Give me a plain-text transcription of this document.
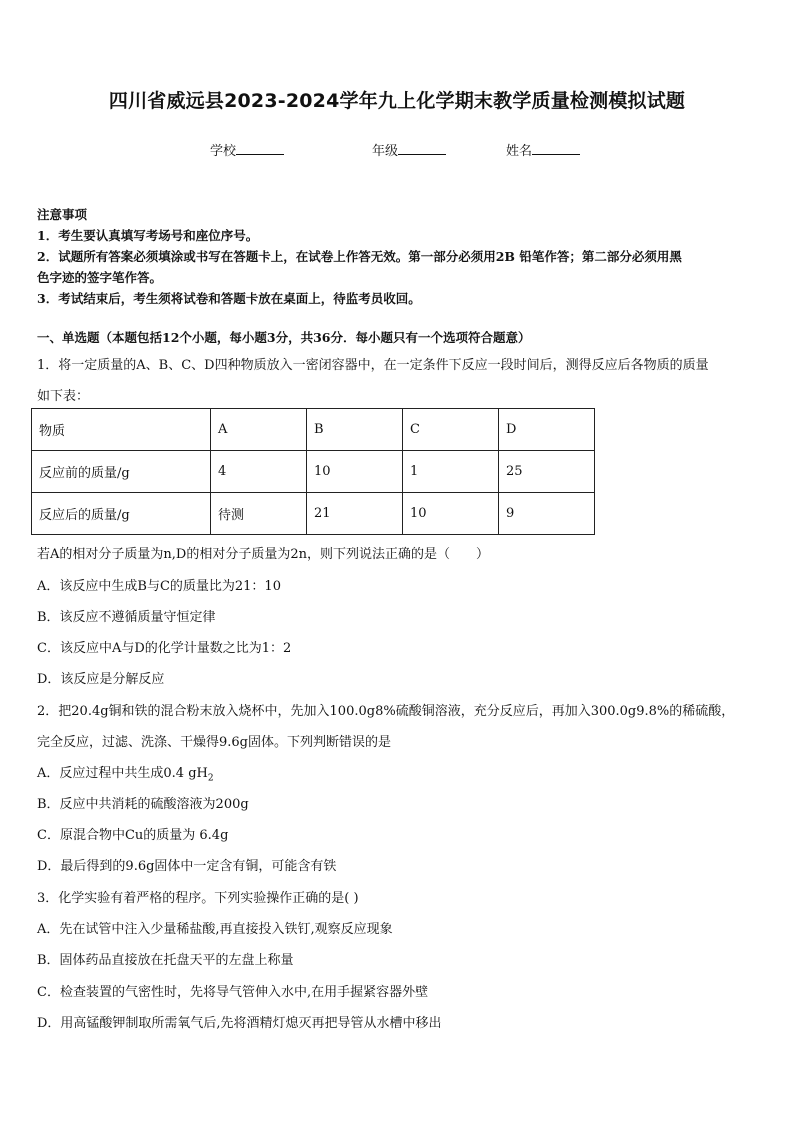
四川省威远县2023-2024学年九上化学期末教学质量检测模拟试题
学校	年级	姓名
注意事项
1．考生要认真填写考场号和座位序号。
2．试题所有答案必须填涂或书写在答题卡上，在试卷上作答无效。第一部分必须用2B 铅笔作答；第二部分必须用黑
色字迹的签字笔作答。
3．考试结束后，考生须将试卷和答题卡放在桌面上，待监考员收回。
一、单选题（本题包括12个小题，每小题3分，共36分．每小题只有一个选项符合题意）
1．将一定质量的A、B、C、D四种物质放入一密闭容器中，在一定条件下反应一段时间后，测得反应后各物质的质量
如下表：
物质	A	B	C	D
反应前的质量/g	4	10	1	25
反应后的质量/g	待测	21	10	9
若A的相对分子质量为n,D的相对分子质量为2n，则下列说法正确的是（　　）
A．该反应中生成B与C的质量比为21：10
B．该反应不遵循质量守恒定律
C．该反应中A与D的化学计量数之比为1：2
D．该反应是分解反应
2．把20.4g铜和铁的混合粉末放入烧杯中，先加入100.0g8%硫酸铜溶液，充分反应后，再加入300.0g9.8%的稀硫酸，
完全反应，过滤、洗涤、干燥得9.6g固体。下列判断错误的是
A．反应过程中共生成0.4 $gH_2$
B．反应中共消耗的硫酸溶液为200g
C．原混合物中Cu的质量为 6.4g
D．最后得到的9.6g固体中一定含有铜，可能含有铁
3．化学实验有着严格的程序。下列实验操作正确的是( )
A．先在试管中注入少量稀盐酸,再直接投入铁钉,观察反应现象
B．固体药品直接放在托盘天平的左盘上称量
C．检查装置的气密性时，先将导气管伸入水中,在用手握紧容器外壁
D．用高锰酸钾制取所需氧气后,先将酒精灯熄灭再把导管从水槽中移出
